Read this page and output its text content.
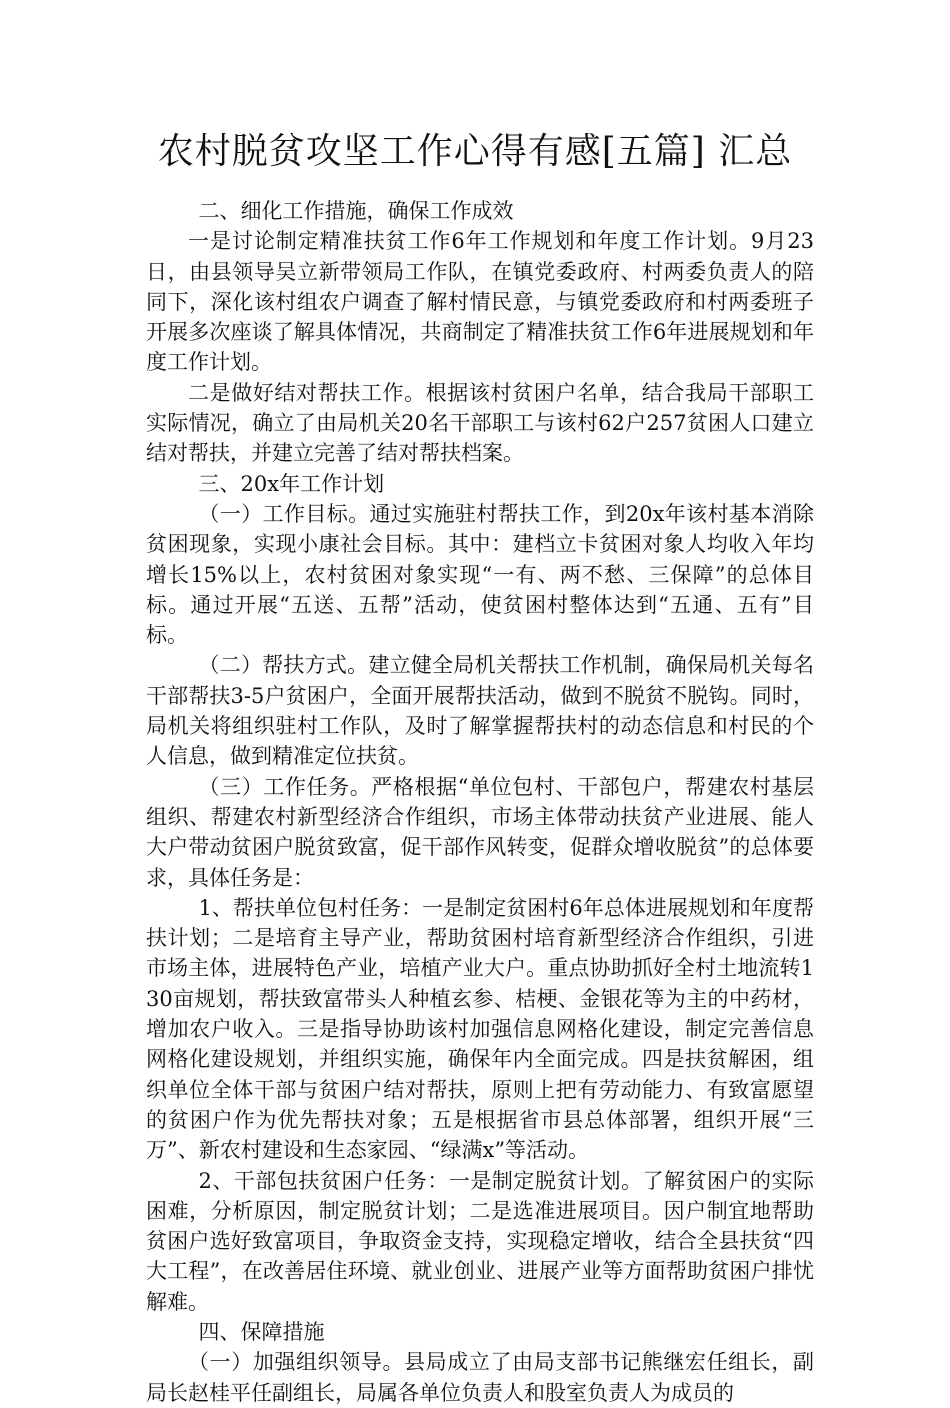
农村脱贫攻坚工作心得有感[五篇] 汇总

二、细化工作措施，确保工作成效

一是讨论制定精准扶贫工作6年工作规划和年度工作计划。9月23日，由县领导吴立新带领局工作队，在镇党委政府、村两委负责人的陪同下，深化该村组农户调查了解村情民意，与镇党委政府和村两委班子开展多次座谈了解具体情况，共商制定了精准扶贫工作6年进展规划和年度工作计划。

二是做好结对帮扶工作。根据该村贫困户名单，结合我局干部职工实际情况，确立了由局机关20名干部职工与该村62户257贫困人口建立结对帮扶，并建立完善了结对帮扶档案。

三、20x年工作计划

（一）工作目标。通过实施驻村帮扶工作，到20x年该村基本消除贫困现象，实现小康社会目标。其中：建档立卡贫困对象人均收入年均增长15%以上，农村贫困对象实现“一有、两不愁、三保障”的总体目标。通过开展“五送、五帮”活动，使贫困村整体达到“五通、五有”目标。

（二）帮扶方式。建立健全局机关帮扶工作机制，确保局机关每名干部帮扶3-5户贫困户，全面开展帮扶活动，做到不脱贫不脱钩。同时，局机关将组织驻村工作队，及时了解掌握帮扶村的动态信息和村民的个人信息，做到精准定位扶贫。

（三）工作任务。严格根据“单位包村、干部包户，帮建农村基层组织、帮建农村新型经济合作组织，市场主体带动扶贫产业进展、能人大户带动贫困户脱贫致富，促干部作风转变，促群众增收脱贫”的总体要求，具体任务是：

1、帮扶单位包村任务：一是制定贫困村6年总体进展规划和年度帮扶计划；二是培育主导产业，帮助贫困村培育新型经济合作组织，引进市场主体，进展特色产业，培植产业大户。重点协助抓好全村土地流转130亩规划，帮扶致富带头人种植玄参、桔梗、金银花等为主的中药材，增加农户收入。三是指导协助该村加强信息网格化建设，制定完善信息网格化建设规划，并组织实施，确保年内全面完成。四是扶贫解困，组织单位全体干部与贫困户结对帮扶，原则上把有劳动能力、有致富愿望的贫困户作为优先帮扶对象；五是根据省市县总体部署，组织开展“三万”、新农村建设和生态家园、“绿满x”等活动。

2、干部包扶贫困户任务：一是制定脱贫计划。了解贫困户的实际困难，分析原因，制定脱贫计划；二是选准进展项目。因户制宜地帮助贫困户选好致富项目，争取资金支持，实现稳定增收，结合全县扶贫“四大工程”，在改善居住环境、就业创业、进展产业等方面帮助贫困户排忧解难。

四、保障措施

（一）加强组织领导。县局成立了由局支部书记熊继宏任组长，副局长赵桂平任副组长，局属各单位负责人和股室负责人为成员的
